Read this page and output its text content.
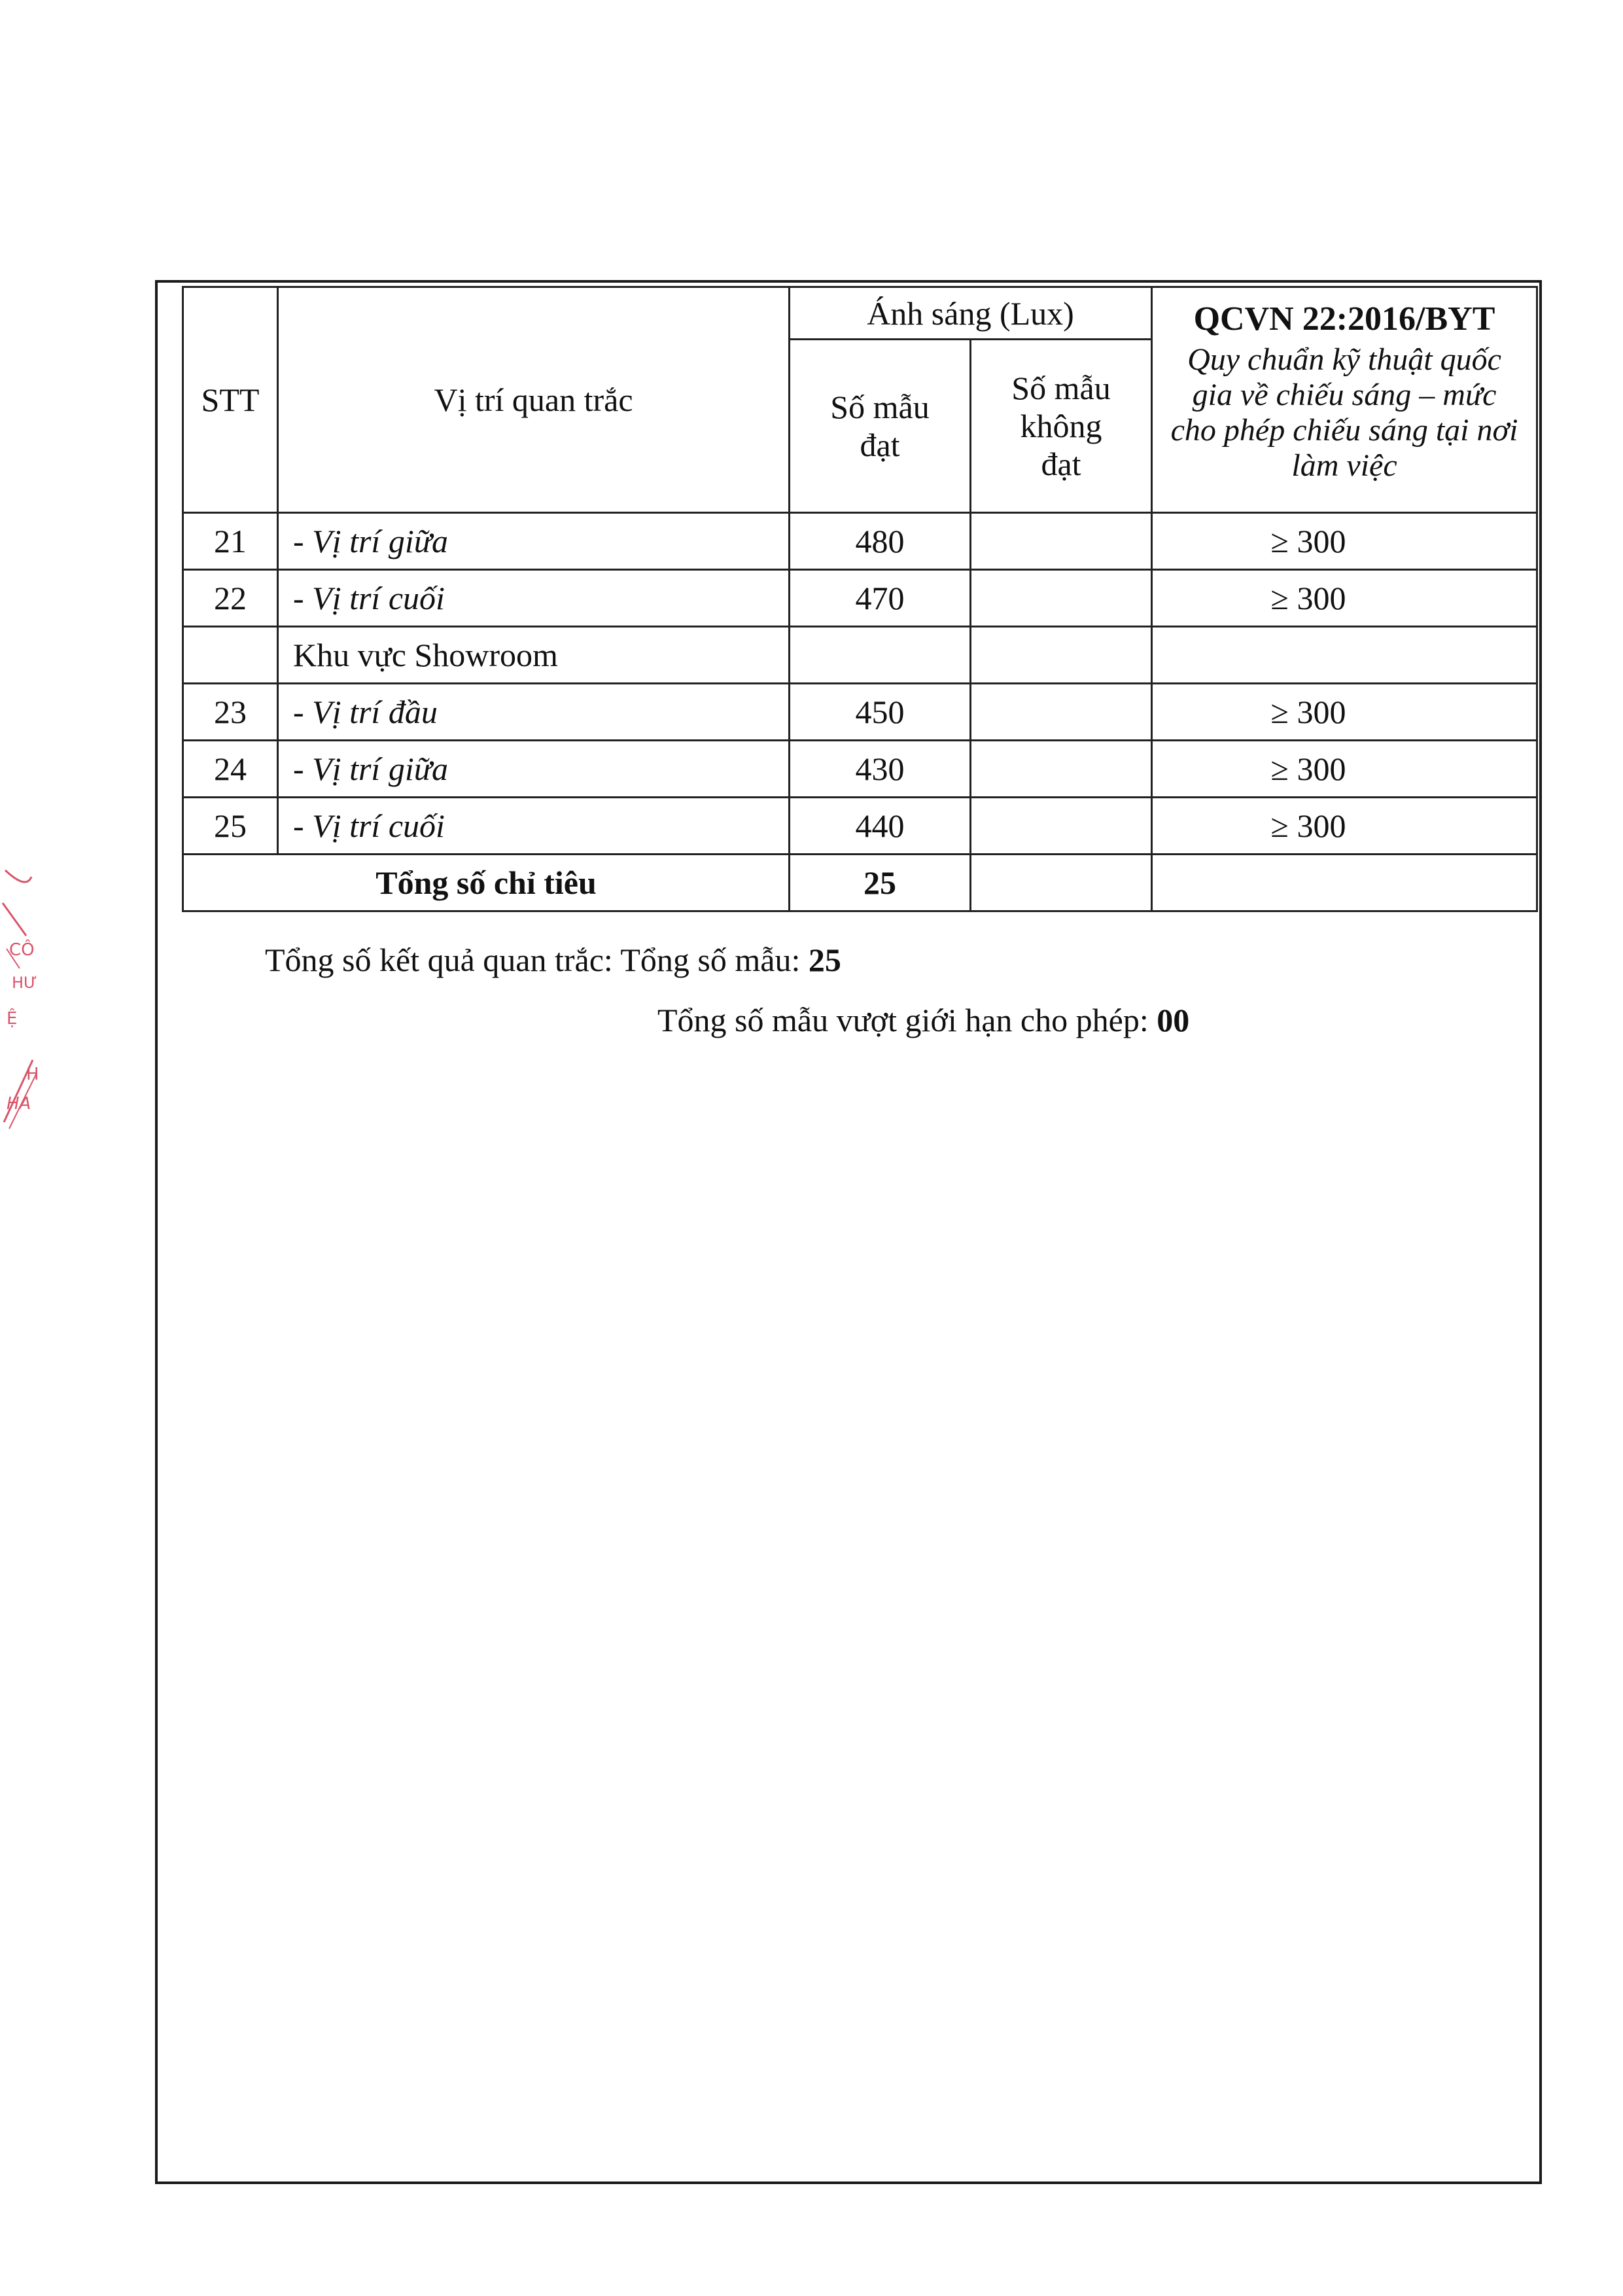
STT	Vị trí quan trắc	Ánh sáng (Lux)		QCVN 22:2016/BYT
Quy chuẩn kỹ thuật quốc gia về chiếu sáng – mức cho phép chiếu sáng tại nơi làm việc

		Số mẫu đạt	Số mẫu không đạt	
21	- Vị trí giữa	480		≥ 300
22	- Vị trí cuối	470		≥ 300
	Khu vực Showroom			
23	- Vị trí đầu	450		≥ 300
24	- Vị trí giữa	430		≥ 300
25	- Vị trí cuối	440		≥ 300
Tổng số chỉ tiêu		25		
Tổng số kết quả quan trắc: Tổng số mẫu: 25
Tổng số mẫu vượt giới hạn cho phép: 00
CÔ
HƯ
Ệ
H
HA
